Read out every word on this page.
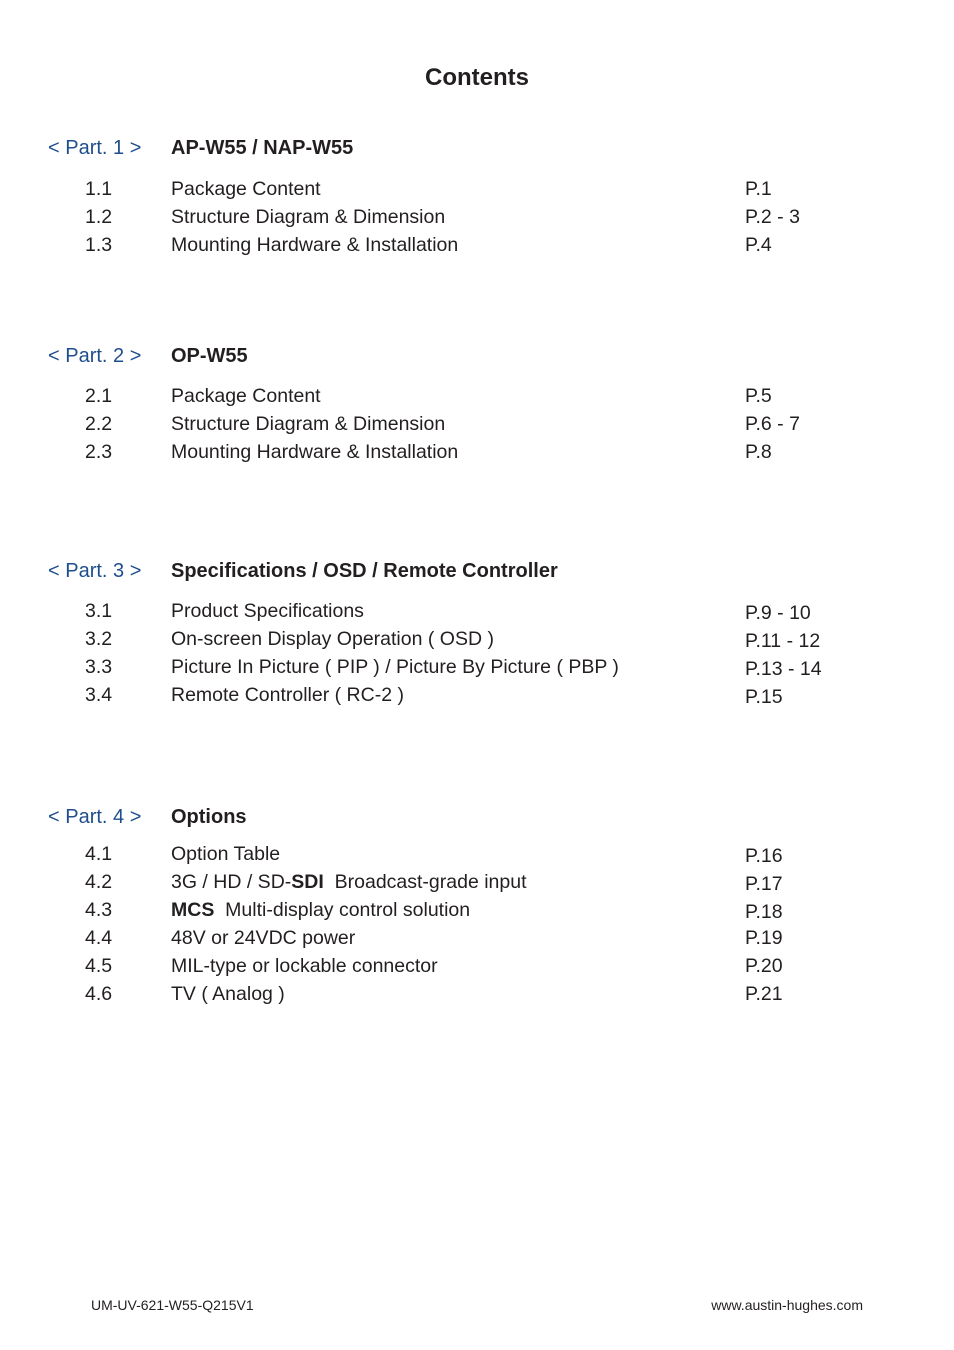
Contents
< Part. 1 > AP-W55 / NAP-W55
1.1	Package Content	P.1
1.2	Structure Diagram & Dimension	P.2 - 3
1.3	Mounting Hardware & Installation	P.4
< Part. 2 > OP-W55
2.1	Package Content	P.5
2.2	Structure Diagram & Dimension	P.6 - 7
2.3	Mounting Hardware & Installation	P.8
< Part. 3 > Specifications / OSD / Remote Controller
3.1	Product Specifications	P.9 - 10
3.2	On-screen Display Operation ( OSD )	P.11 - 12
3.3	Picture In Picture ( PIP ) / Picture By Picture ( PBP )	P.13 - 14
3.4	Remote Controller ( RC-2 )	P.15
< Part. 4 > Options
4.1	Option Table	P.16
4.2	3G / HD / SD-SDI  Broadcast-grade input	P.17
4.3	MCS  Multi-display control solution	P.18
4.4	48V or 24VDC power	P.19
4.5	MIL-type or lockable connector	P.20
4.6	TV ( Analog )	P.21
UM-UV-621-W55-Q215V1	www.austin-hughes.com
